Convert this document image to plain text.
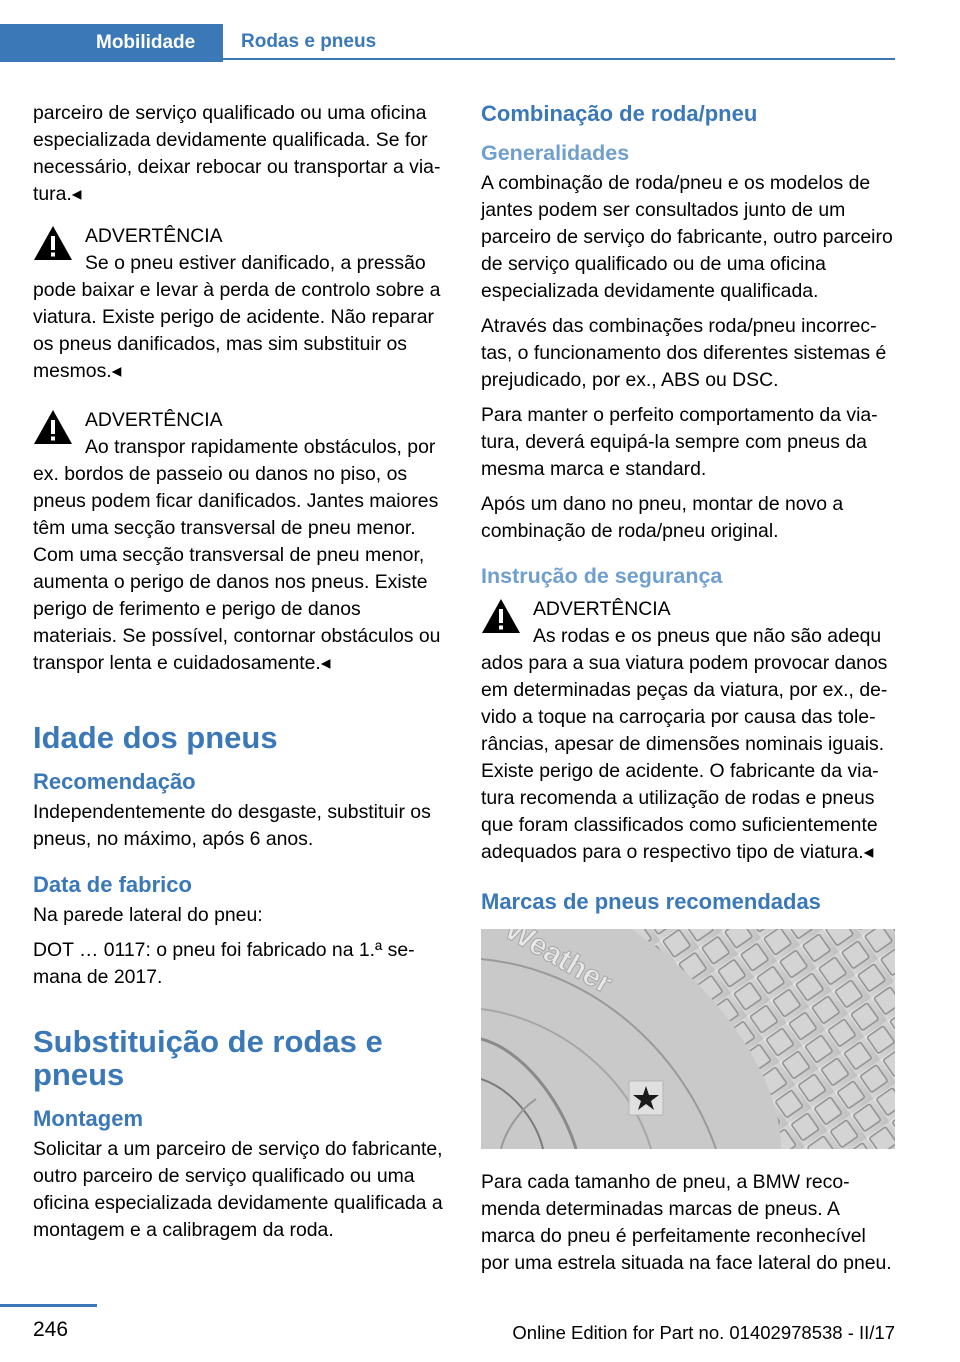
Mobilidade	Rodas e pneus

parceiro de serviço qualificado ou uma oficina especializada devidamente qualificada. Se for necessário, deixar rebocar ou transportar a viatura.◂

ADVERTÊNCIA
Se o pneu estiver danificado, a pressão
pode baixar e levar à perda de controlo sobre a viatura. Existe perigo de acidente. Não reparar os pneus danificados, mas sim substituir os mesmos.◂
ADVERTÊNCIA
Ao transpor rapidamente obstáculos, por
ex. bordos de passeio ou danos no piso, os pneus podem ficar danificados. Jantes maiores têm uma secção transversal de pneu menor. Com uma secção transversal de pneu menor, aumenta o perigo de danos nos pneus. Existe perigo de ferimento e perigo de danos materiais. Se possível, contornar obstáculos ou transpor lenta e cuidadosamente.◂
Idade dos pneus
Recomendação

Independentemente do desgaste, substituir os pneus, no máximo, após 6 anos.

Data de fabrico

Na parede lateral do pneu:

DOT … 0117: o pneu foi fabricado na 1.ª semana de 2017.

Substituição de rodas e pneus
Montagem

Solicitar a um parceiro de serviço do fabricante, outro parceiro de serviço qualificado ou uma oficina especializada devidamente qualificada a montagem e a calibragem da roda.

Combinação de roda/pneu
Generalidades

A combinação de roda/pneu e os modelos de jantes podem ser consultados junto de um parceiro de serviço do fabricante, outro parceiro de serviço qualificado ou de uma oficina especializada devidamente qualificada.

Através das combinações roda/pneu incorrectas, o funcionamento dos diferentes sistemas é prejudicado, por ex., ABS ou DSC.

Para manter o perfeito comportamento da viatura, deverá equipá-la sempre com pneus da mesma marca e standard.

Após um dano no pneu, montar de novo a combinação de roda/pneu original.

Instrução de segurança
ADVERTÊNCIA
As rodas e os pneus que não são adequ
ados para a sua viatura podem provocar danos em determinadas peças da viatura, por ex., devido a toque na carroçaria por causa das tolerâncias, apesar de dimensões nominais iguais. Existe perigo de acidente. O fabricante da viatura recomenda a utilização de rodas e pneus que foram classificados como suficientemente adequados para o respectivo tipo de viatura.◂
Marcas de pneus recomendadas
Weather

Para cada tamanho de pneu, a BMW recomenda determinadas marcas de pneus. A marca do pneu é perfeitamente reconhecível por uma estrela situada na face lateral do pneu.

246	Online Edition for Part no. 01402978538 - II/17
